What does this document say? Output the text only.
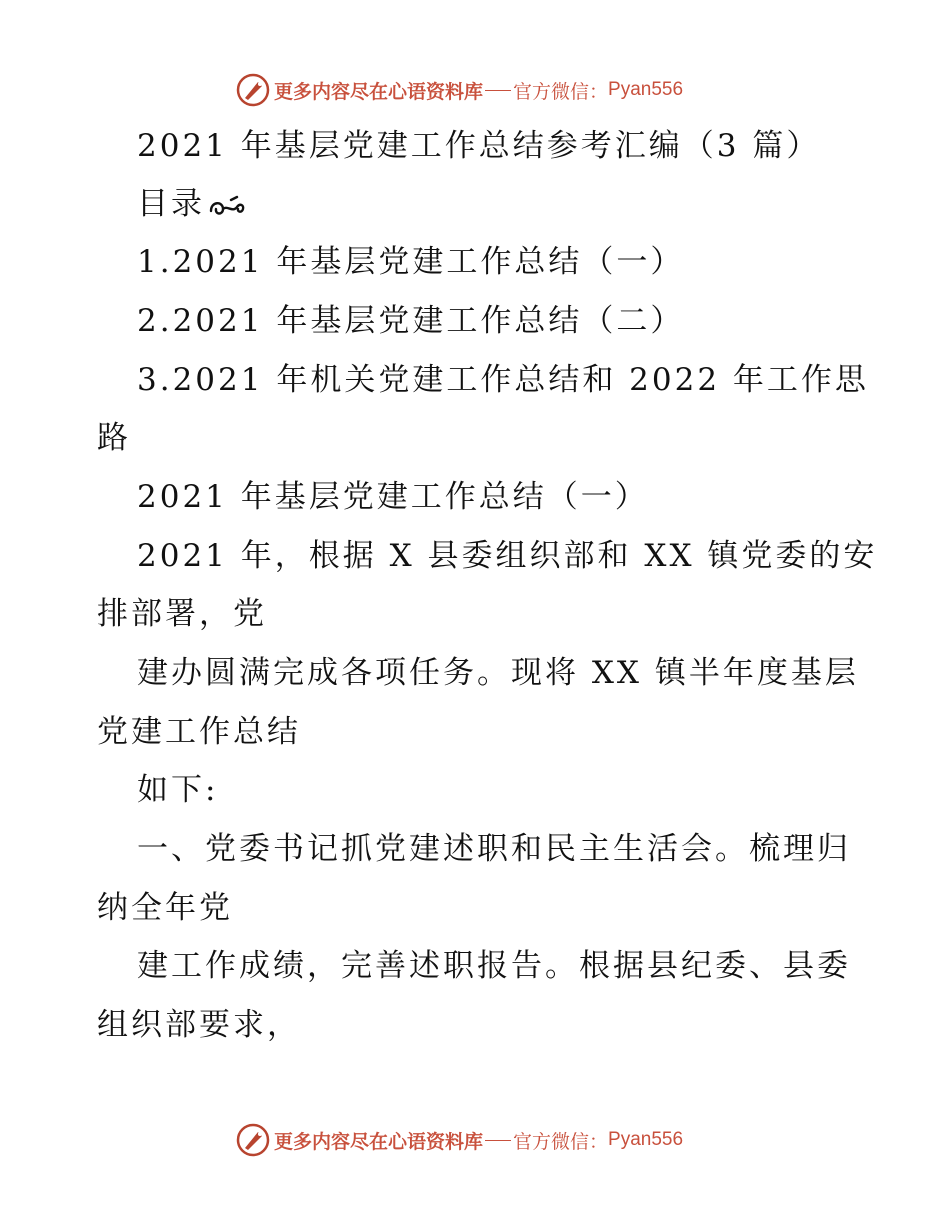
更多内容尽在心语资料库 官方微信： Pyan556
2021 年基层党建工作总结参考汇编（3 篇）
目录
1.2021 年基层党建工作总结（一）
2.2021 年基层党建工作总结（二）
3.2021 年机关党建工作总结和 2022 年工作思
路
2021 年基层党建工作总结（一）
2021 年，根据 X 县委组织部和 XX 镇党委的安
排部署，党
建办圆满完成各项任务。现将 XX 镇半年度基层
党建工作总结
如下:
一、党委书记抓党建述职和民主生活会。梳理归
纳全年党
建工作成绩，完善述职报告。根据县纪委、县委
组织部要求，
更多内容尽在心语资料库 官方微信： Pyan556
